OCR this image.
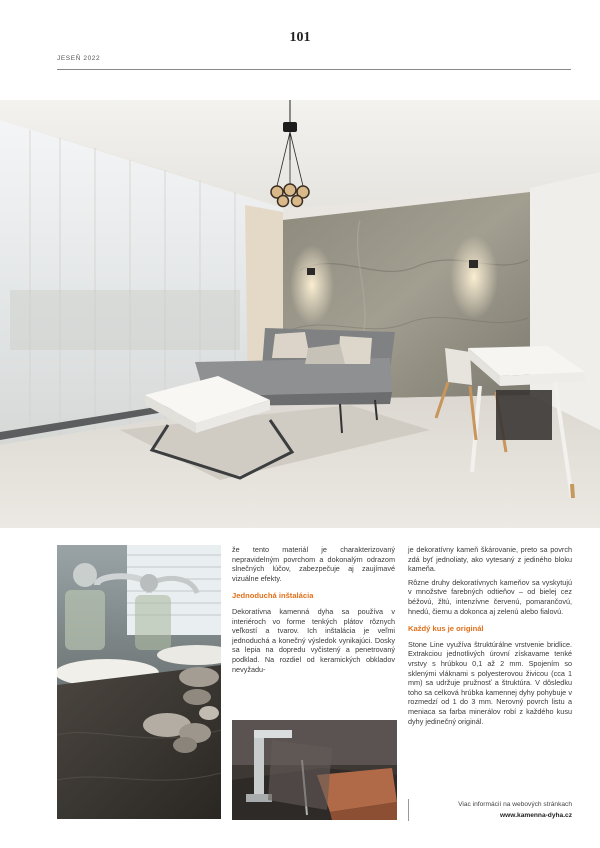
101
JESEŇ 2022

že tento materiál je charakterizovaný nepravidelným povrchom a dokonalým odrazom slnečných lúčov, zabezpečuje aj zaujímavé vizuálne efekty.

Jednoduchá inštalácia

Dekoratívna kamenná dyha sa používa v interiéroch vo forme tenkých plátov rôznych veľkostí a tvarov. Ich inštalácia je veľmi jednoduchá a konečný výsledok vynikajúci. Dosky sa lepia na dopredu vyčistený a penetrovaný podklad. Na rozdiel od keramických obkladov nevyžadu-

je dekoratívny kameň škárovanie, preto sa povrch zdá byť jednoliaty, ako vytesaný z jediného bloku kameňa.

Rôzne druhy dekoratívnych kameňov sa vyskytujú v množstve farebných odtieňov – od bielej cez béžovú, žltú, intenzívne červenú, pomarančovú, hnedú, čiernu a dokonca aj zelenú alebo fialovú.

Každý kus je originál

Stone Line využíva štruktúrálne vrstvenie bridlice. Extrakciou jednotlivých úrovní získavame tenké vrstvy s hrúbkou 0,1 až 2 mm. Spojením so sklenými vláknami s polyesterovou živicou (cca 1 mm) sa udržuje pružnosť a štruktúra. V dôsledku toho sa celková hrúbka kamennej dyhy pohybuje v rozmedzí od 1 do 3 mm. Nerovný povrch listu a meniaca sa farba minerálov robí z každého kusu dyhy jedinečný originál.

Viac informácií na webových stránkach
www.kamenna-dyha.cz
